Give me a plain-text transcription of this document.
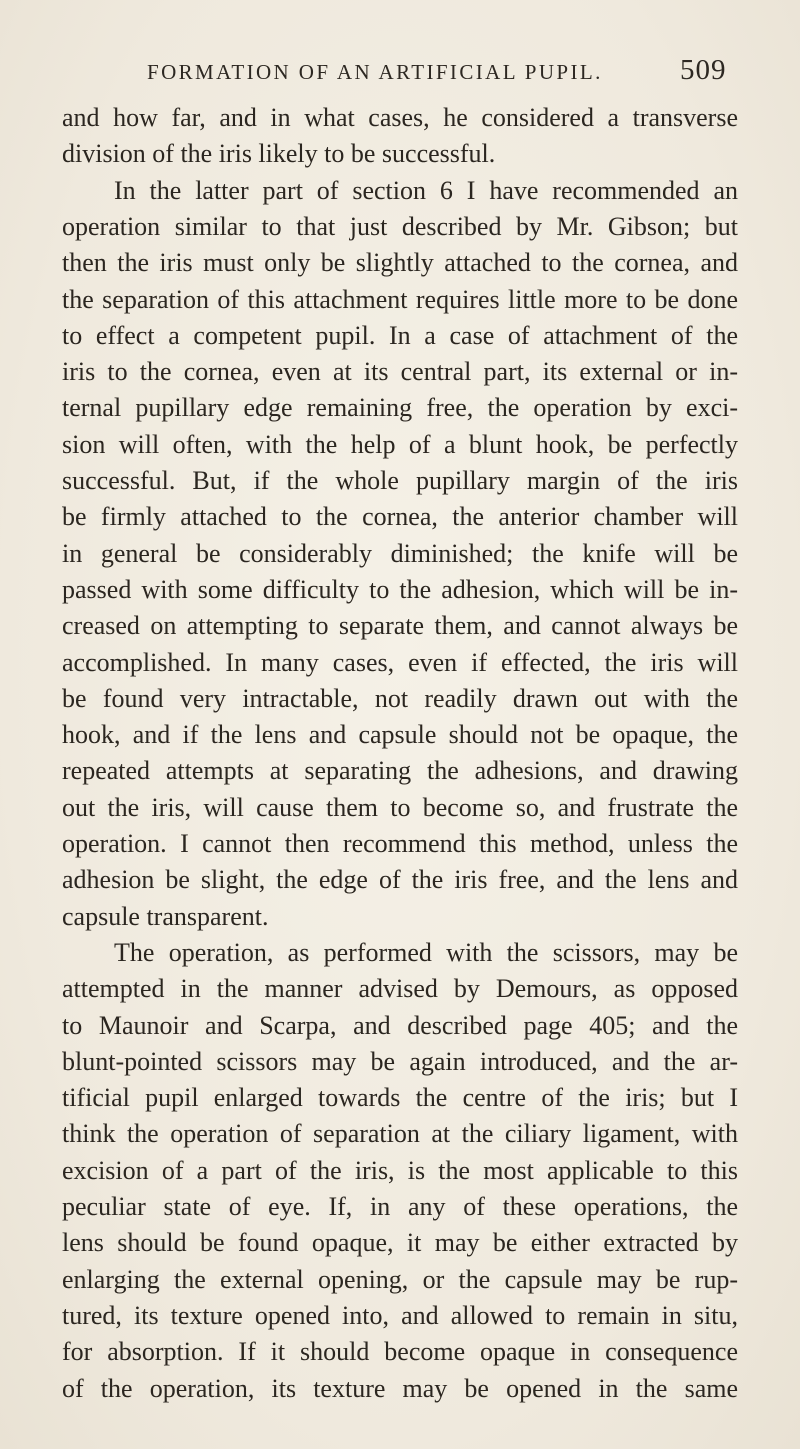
FORMATION OF AN ARTIFICIAL PUPIL.	509
and how far, and in what cases, he considered a transverse
division of the iris likely to be successful.
In the latter part of section 6 I have recommended an
operation similar to that just described by Mr. Gibson; but
then the iris must only be slightly attached to the cornea, and
the separation of this attachment requires little more to be done
to effect a competent pupil. In a case of attachment of the
iris to the cornea, even at its central part, its external or in-
ternal pupillary edge remaining free, the operation by exci-
sion will often, with the help of a blunt hook, be perfectly
successful. But, if the whole pupillary margin of the iris
be firmly attached to the cornea, the anterior chamber will
in general be considerably diminished; the knife will be
passed with some difficulty to the adhesion, which will be in-
creased on attempting to separate them, and cannot always be
accomplished. In many cases, even if effected, the iris will
be found very intractable, not readily drawn out with the
hook, and if the lens and capsule should not be opaque, the
repeated attempts at separating the adhesions, and drawing
out the iris, will cause them to become so, and frustrate the
operation. I cannot then recommend this method, unless the
adhesion be slight, the edge of the iris free, and the lens and
capsule transparent.
The operation, as performed with the scissors, may be
attempted in the manner advised by Demours, as opposed
to Maunoir and Scarpa, and described page 405; and the
blunt-pointed scissors may be again introduced, and the ar-
tificial pupil enlarged towards the centre of the iris; but I
think the operation of separation at the ciliary ligament, with
excision of a part of the iris, is the most applicable to this
peculiar state of eye. If, in any of these operations, the
lens should be found opaque, it may be either extracted by
enlarging the external opening, or the capsule may be rup-
tured, its texture opened into, and allowed to remain in situ,
for absorption. If it should become opaque in consequence
of the operation, its texture may be opened in the same
